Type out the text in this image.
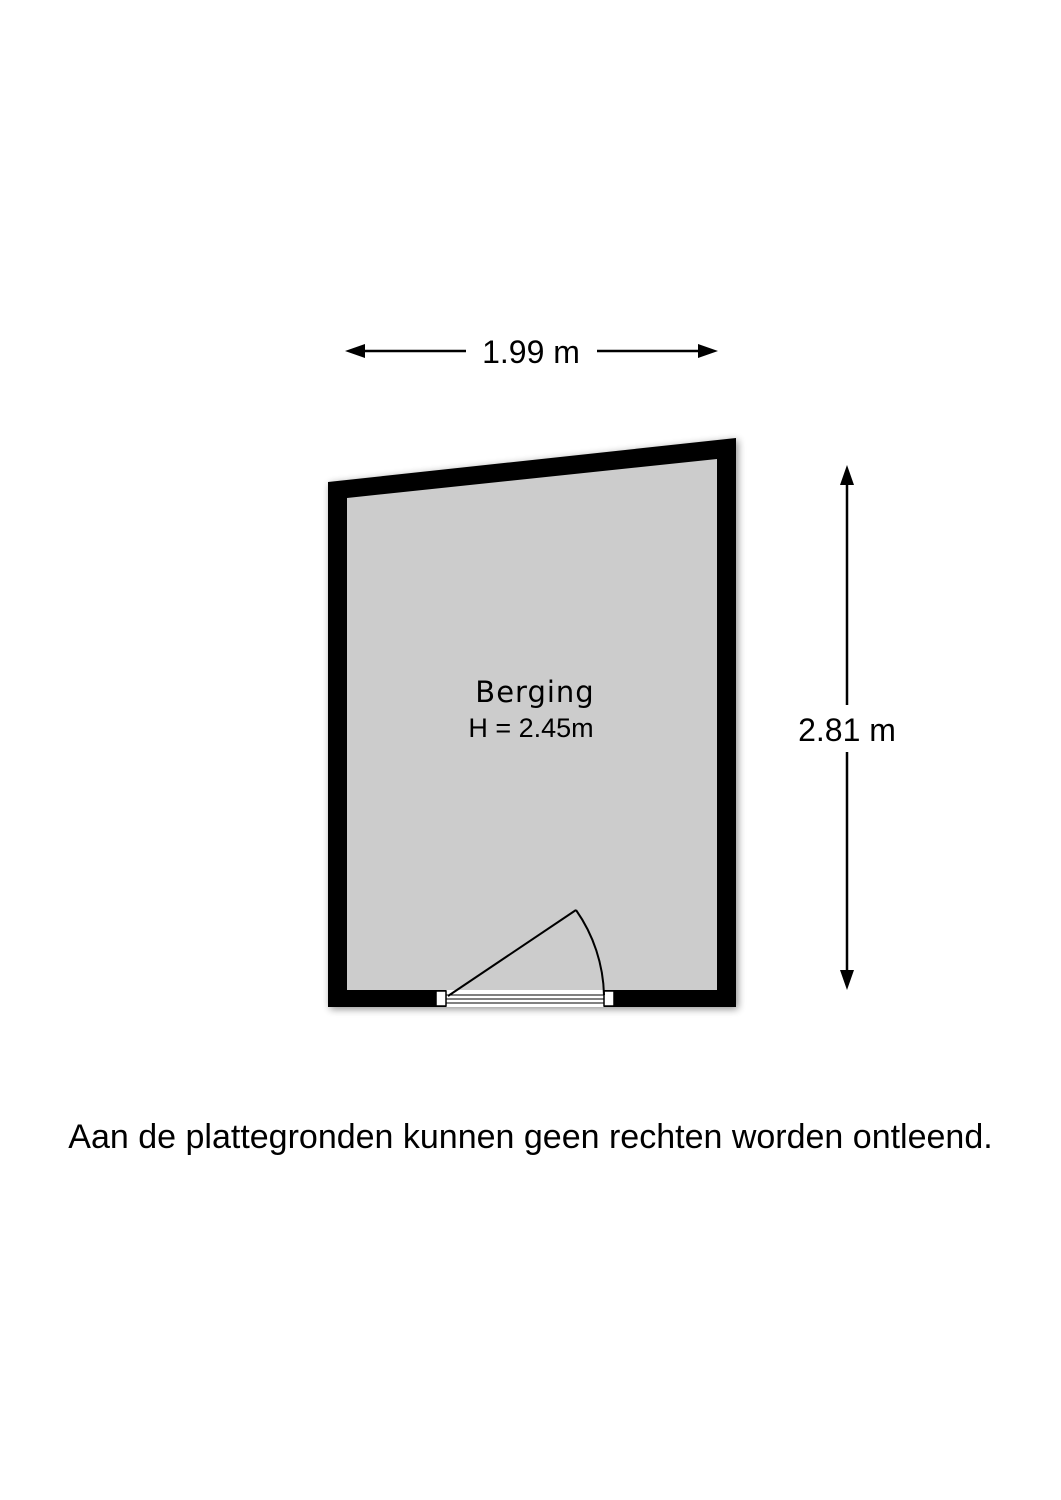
1.99 m
2.81 m
Berging
H = 2.45m
Aan de plattegronden kunnen geen rechten worden ontleend.
